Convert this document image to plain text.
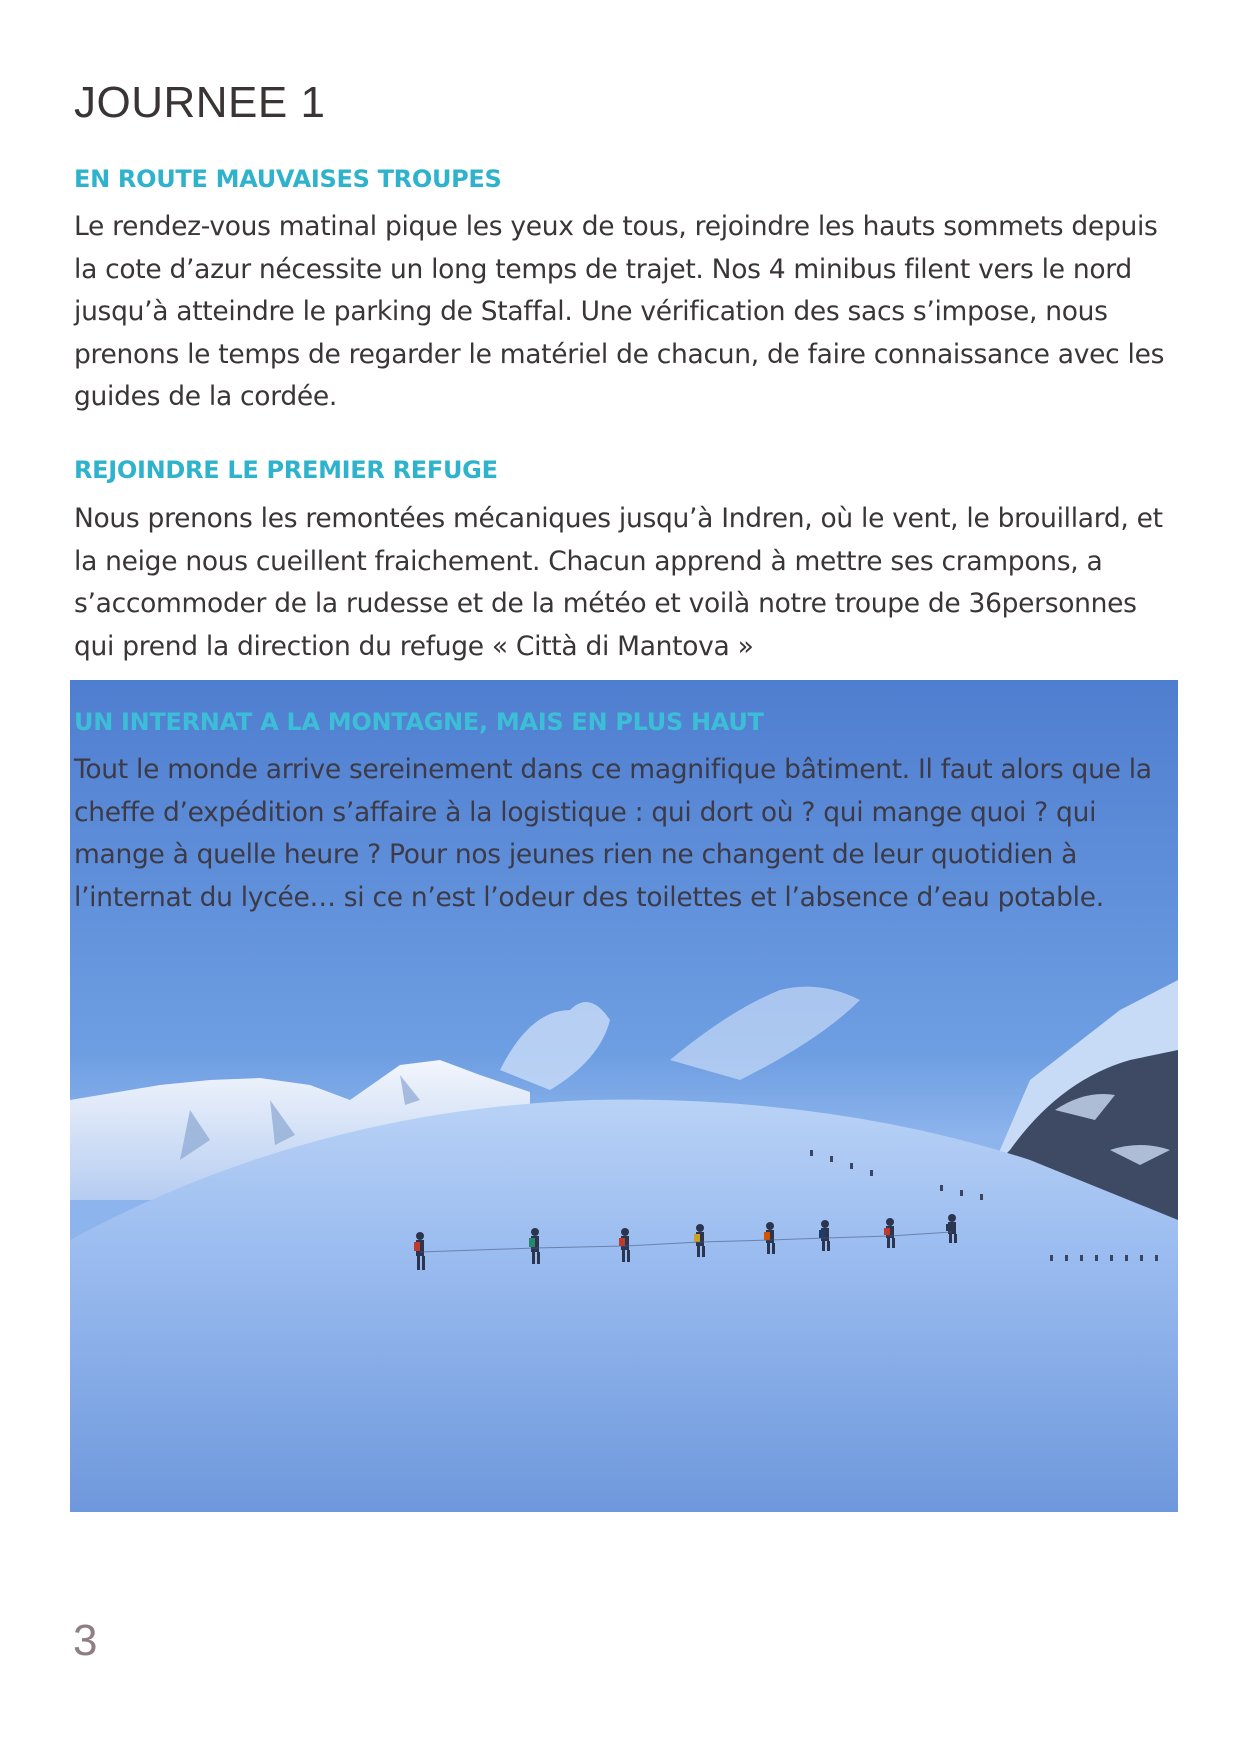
JOURNEE 1
EN ROUTE MAUVAISES TROUPES
Le rendez-vous matinal pique les yeux de tous, rejoindre les hauts sommets depuis
la cote d’azur nécessite un long temps de trajet. Nos 4 minibus filent vers le nord
jusqu’à atteindre le parking de Staffal. Une vérification des sacs s’impose, nous
prenons le temps de regarder le matériel de chacun, de faire connaissance avec les
guides de la cordée.
REJOINDRE LE PREMIER REFUGE
Nous prenons les remontées mécaniques jusqu’à Indren, où le vent, le brouillard, et
la neige nous cueillent fraichement. Chacun apprend à mettre ses crampons, a
s’accommoder de la rudesse et de la météo et voilà notre troupe de 36personnes
qui prend la direction du refuge « Città di Mantova »
UN INTERNAT A LA MONTAGNE, MAIS EN PLUS HAUT
Tout le monde arrive sereinement dans ce magnifique bâtiment. Il faut alors que la
cheffe d’expédition s’affaire à la logistique : qui dort où ? qui mange quoi ? qui
mange à quelle heure ? Pour nos jeunes rien ne changent de leur quotidien à
l’internat du lycée… si ce n’est l’odeur des toilettes et l’absence d’eau potable.
3
